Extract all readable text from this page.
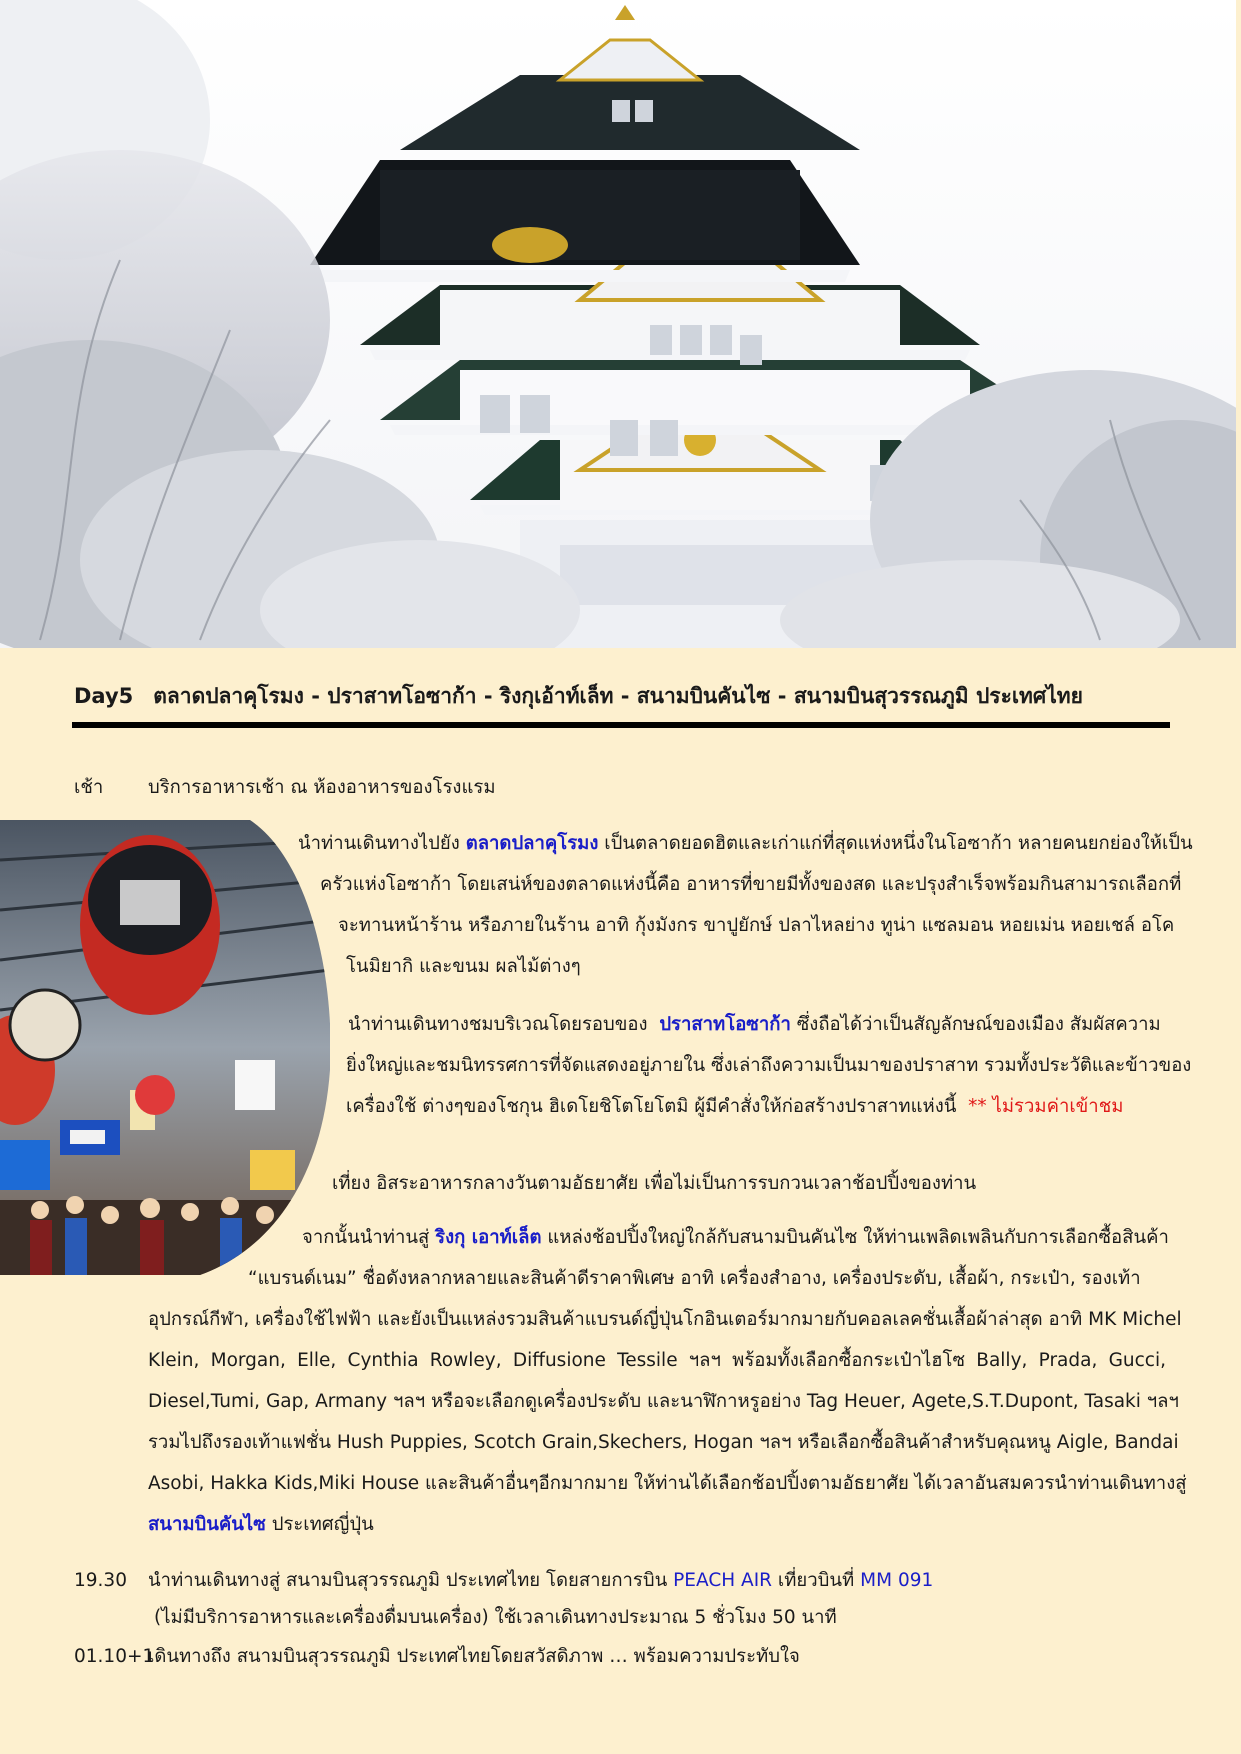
Day5 ตลาดปลาคุโรมง - ปราสาทโอซาก้า - ริงกุเอ้าท์เล็ท - สนามบินคันไซ - สนามบินสุวรรณภูมิ ประเทศไทย
เช้า บริการอาหารเช้า ณ ห้องอาหารของโรงแรม
นำท่านเดินทางไปยัง ตลาดปลาคุโรมง เป็นตลาดยอดฮิตและเก่าแก่ที่สุดแห่งหนึ่งในโอซาก้า หลายคนยกย่องให้เป็น
ครัวแห่งโอซาก้า โดยเสน่ห์ของตลาดแห่งนี้คือ อาหารที่ขายมีทั้งของสด และปรุงสำเร็จพร้อมกินสามารถเลือกที่
จะทานหน้าร้าน หรือภายในร้าน อาทิ กุ้งมังกร ขาปูยักษ์ ปลาไหลย่าง ทูน่า แซลมอน หอยเม่น หอยเชล์ อโค
โนมิยากิ และขนม ผลไม้ต่างๆ
นำท่านเดินทางชมบริเวณโดยรอบของ ปราสาทโอซาก้า ซึ่งถือได้ว่าเป็นสัญลักษณ์ของเมือง สัมผัสความ
ยิ่งใหญ่และชมนิทรรศการที่จัดแสดงอยู่ภายใน ซึ่งเล่าถึงความเป็นมาของปราสาท รวมทั้งประวัติและข้าวของ
เครื่องใช้ ต่างๆของโชกุน ฮิเดโยชิโตโยโตมิ ผู้มีคำสั่งให้ก่อสร้างปราสาทแห่งนี้ ** ไม่รวมค่าเข้าชม
เที่ยง อิสระอาหารกลางวันตามอัธยาศัย เพื่อไม่เป็นการรบกวนเวลาช้อปปิ้งของท่าน
จากนั้นนำท่านสู่ ริงกุ เอาท์เล็ต แหล่งช้อปปิ้งใหญ่ใกล้กับสนามบินคันไซ ให้ท่านเพลิดเพลินกับการเลือกซื้อสินค้า
“แบรนด์เนม” ชื่อดังหลากหลายและสินค้าดีราคาพิเศษ อาทิ เครื่องสำอาง, เครื่องประดับ, เสื้อผ้า, กระเป๋า, รองเท้า
อุปกรณ์กีฬา, เครื่องใช้ไฟฟ้า และยังเป็นแหล่งรวมสินค้าแบรนด์ญี่ปุ่นโกอินเตอร์มากมายกับคอลเลคชั่นเสื้อผ้าล่าสุด อาทิ MK Michel
Klein, Morgan, Elle, Cynthia Rowley, Diffusione Tessile ฯลฯ พร้อมทั้งเลือกซื้อกระเป๋าไฮโซ Bally, Prada, Gucci,
Diesel,Tumi, Gap, Armany ฯลฯ หรือจะเลือกดูเครื่องประดับ และนาฬิกาหรูอย่าง Tag Heuer, Agete,S.T.Dupont, Tasaki ฯลฯ
รวมไปถึงรองเท้าแฟชั่น Hush Puppies, Scotch Grain,Skechers, Hogan ฯลฯ หรือเลือกซื้อสินค้าสำหรับคุณหนู Aigle, Bandai
Asobi, Hakka Kids,Miki House และสินค้าอื่นๆอีกมากมาย ให้ท่านได้เลือกช้อปปิ้งตามอัธยาศัย ได้เวลาอันสมควรนำท่านเดินทางสู่
สนามบินคันไซ ประเทศญี่ปุ่น
19.30 นำท่านเดินทางสู่ สนามบินสุวรรณภูมิ ประเทศไทย โดยสายการบิน PEACH AIR เที่ยวบินที่ MM 091
(ไม่มีบริการอาหารและเครื่องดื่มบนเครื่อง) ใช้เวลาเดินทางประมาณ 5 ชั่วโมง 50 นาที
01.10+1เดินทางถึง สนามบินสุวรรณภูมิ ประเทศไทยโดยสวัสดิภาพ … พร้อมความประทับใจ
